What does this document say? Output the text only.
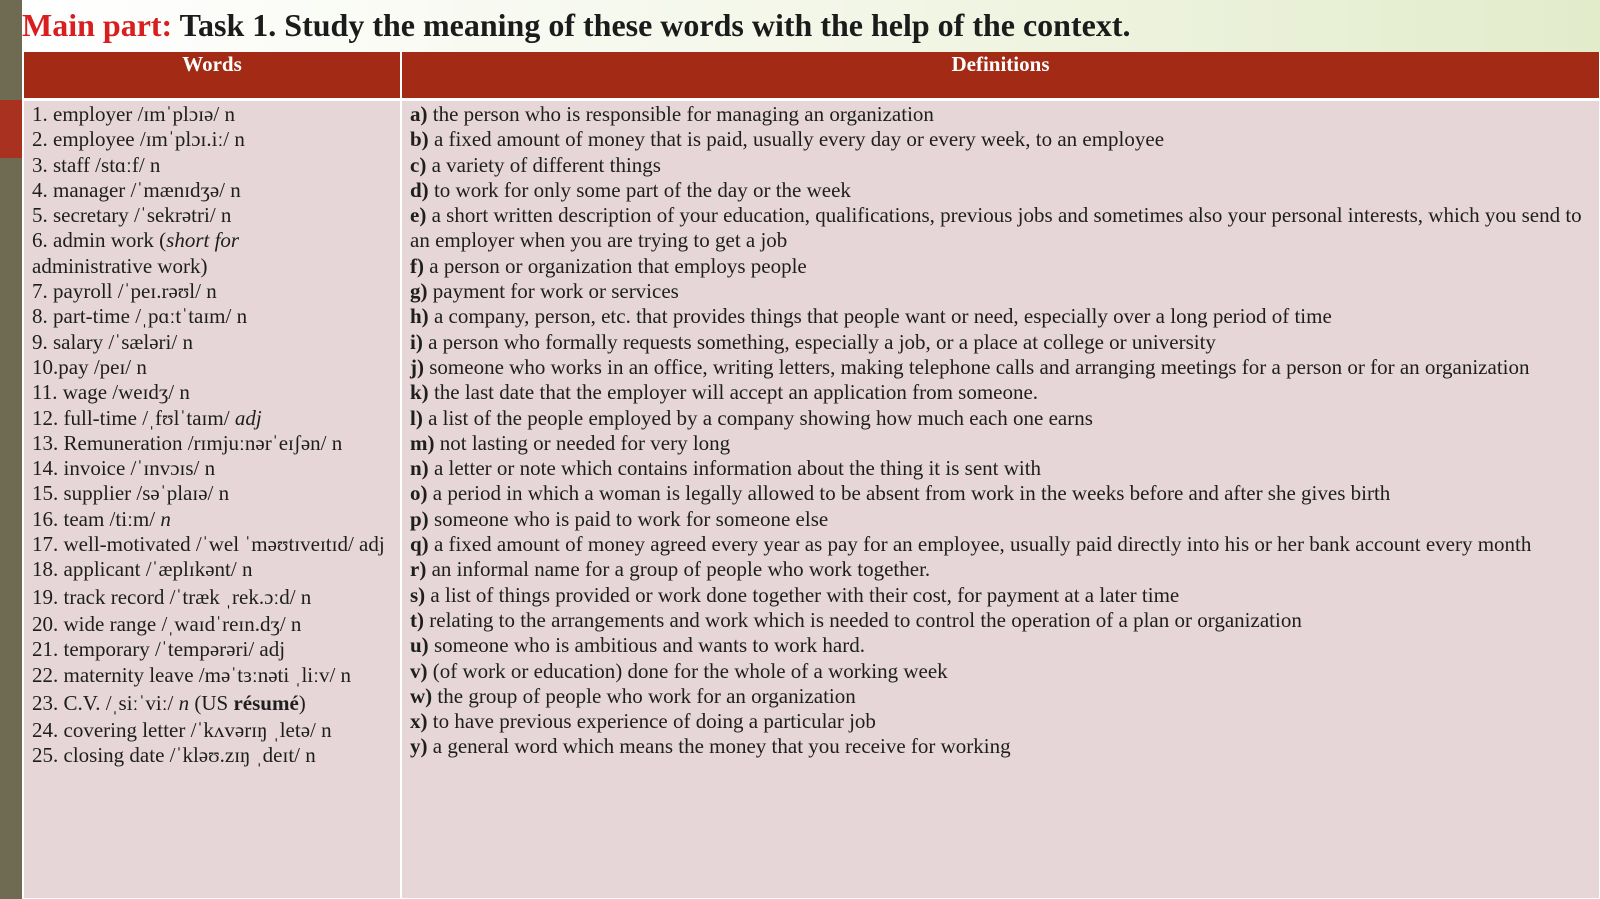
Main part: Task 1. Study the meaning of these words with the help of the context.
Words	Definitions
1. employer /ɪmˈplɔɪə/ n
2. employee /ɪmˈplɔɪ.iː/ n
3. staff /stɑːf/ n
4. manager /ˈmænɪdʒə/ n
5. secretary /ˈsekrətri/ n
6. admin work (short for
administrative work)
7. payroll /ˈpeɪ.rəʊl/ n
8. part-time /ˌpɑːtˈtaɪm/ n
9. salary /ˈsæləri/ n
10.pay /peɪ/ n
11. wage /weɪdʒ/ n
12. full-time /ˌfʊlˈtaɪm/ adj
13. Remuneration /rɪmjuːnərˈeɪʃən/ n
14. invoice /ˈɪnvɔɪs/ n
15. supplier /səˈplaɪə/ n
16. team /tiːm/ n
17. well-motivated /ˈwel ˈməʊtɪveɪtɪd/ adj
18. applicant /ˈæplɪkənt/ n
19. track record /ˈtræk ˌrek.ɔːd/ n
20. wide range /ˌwaɪdˈreɪn.dʒ/ n
21. temporary /ˈtempərəri/ adj
22. maternity leave /məˈtɜːnəti ˌliːv/ n
23. C.V. /ˌsiːˈviː/ n (US résumé)
24. covering letter /ˈkʌvərɪŋ ˌletə/ n
25. closing date /ˈkləʊ.zɪŋ ˌdeɪt/ n
a) the person who is responsible for managing an organization
b) a fixed amount of money that is paid, usually every day or every week, to an employee
c) a variety of different things
d) to work for only some part of the day or the week
e) a short written description of your education, qualifications, previous jobs and sometimes also your personal interests, which you send to an employer when you are trying to get a job
f) a person or organization that employs people
g) payment for work or services
h) a company, person, etc. that provides things that people want or need, especially over a long period of time
i) a person who formally requests something, especially a job, or a place at college or university
j) someone who works in an office, writing letters, making telephone calls and arranging meetings for a person or for an organization
k) the last date that the employer will accept an application from someone.
l) a list of the people employed by a company showing how much each one earns
m) not lasting or needed for very long
n) a letter or note which contains information about the thing it is sent with
o) a period in which a woman is legally allowed to be absent from work in the weeks before and after she gives birth
p) someone who is paid to work for someone else
q) a fixed amount of money agreed every year as pay for an employee, usually paid directly into his or her bank account every month
r) an informal name for a group of people who work together.
s) a list of things provided or work done together with their cost, for payment at a later time
t) relating to the arrangements and work which is needed to control the operation of a plan or organization
u) someone who is ambitious and wants to work hard.
v) (of work or education) done for the whole of a working week
w) the group of people who work for an organization
x) to have previous experience of doing a particular job
y) a general word which means the money that you receive for working
